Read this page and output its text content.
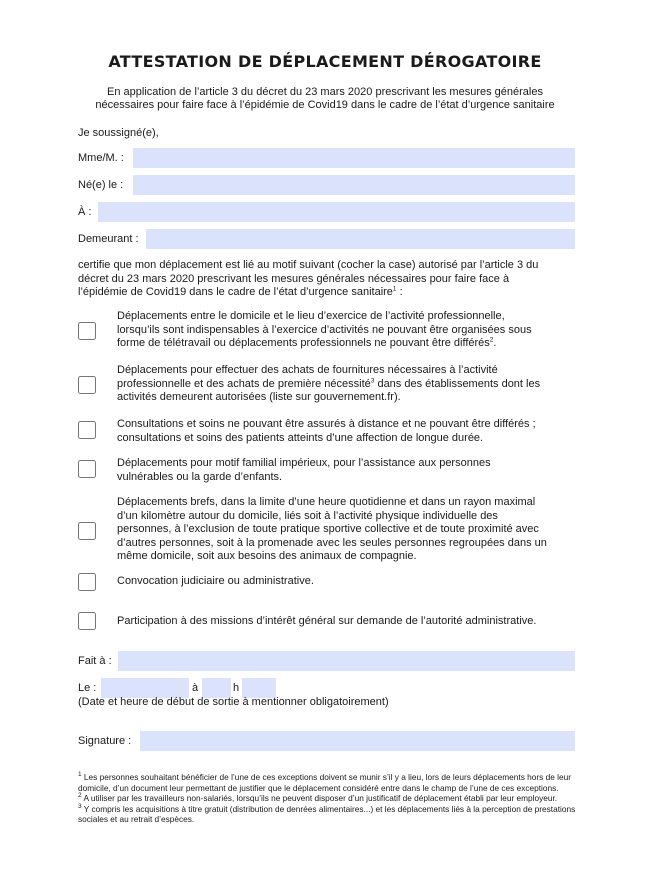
ATTESTATION DE DÉPLACEMENT DÉROGATOIRE
En application de l’article 3 du décret du 23 mars 2020 prescrivant les mesures générales
nécessaires pour faire face à l’épidémie de Covid19 dans le cadre de l’état d’urgence sanitaire
Je soussigné(e),
Mme/M. :
Né(e) le :
À :
Demeurant :
certifie que mon déplacement est lié au motif suivant (cocher la case) autorisé par l’article 3 du
décret du 23 mars 2020 prescrivant les mesures générales nécessaires pour faire face à
l’épidémie de Covid19 dans le cadre de l’état d’urgence sanitaire$^1$ :
Déplacements entre le domicile et le lieu d’exercice de l’activité professionnelle,
lorsqu’ils sont indispensables à l’exercice d’activités ne pouvant être organisées sous
forme de télétravail ou déplacements professionnels ne pouvant être différés$^2$.
Déplacements pour effectuer des achats de fournitures nécessaires à l’activité
professionnelle et des achats de première nécessité$^3$ dans des établissements dont les
activités demeurent autorisées (liste sur gouvernement.fr).
Consultations et soins ne pouvant être assurés à distance et ne pouvant être différés ;
consultations et soins des patients atteints d’une affection de longue durée.
Déplacements pour motif familial impérieux, pour l’assistance aux personnes
vulnérables ou la garde d’enfants.
Déplacements brefs, dans la limite d’une heure quotidienne et dans un rayon maximal
d’un kilomètre autour du domicile, liés soit à l’activité physique individuelle des
personnes, à l’exclusion de toute pratique sportive collective et de toute proximité avec
d’autres personnes, soit à la promenade avec les seules personnes regroupées dans un
même domicile, soit aux besoins des animaux de compagnie.
Convocation judiciaire ou administrative.
Participation à des missions d’intérêt général sur demande de l’autorité administrative.
Fait à :
Le :	à	h
(Date et heure de début de sortie à mentionner obligatoirement)
Signature :

$^1$ Les personnes souhaitant bénéficier de l’une de ces exceptions doivent se munir s’il y a lieu, lors de leurs déplacements hors de leur domicile, d’un document leur permettant de justifier que le déplacement considéré entre dans le champ de l’une de ces exceptions.

$^2$ A utiliser par les travailleurs non-salariés, lorsqu’ils ne peuvent disposer d’un justificatif de déplacement établi par leur employeur.

$^3$ Y compris les acquisitions à titre gratuit (distribution de denrées alimentaires...) et les déplacements liés à la perception de prestations sociales et au retrait d’espèces.
